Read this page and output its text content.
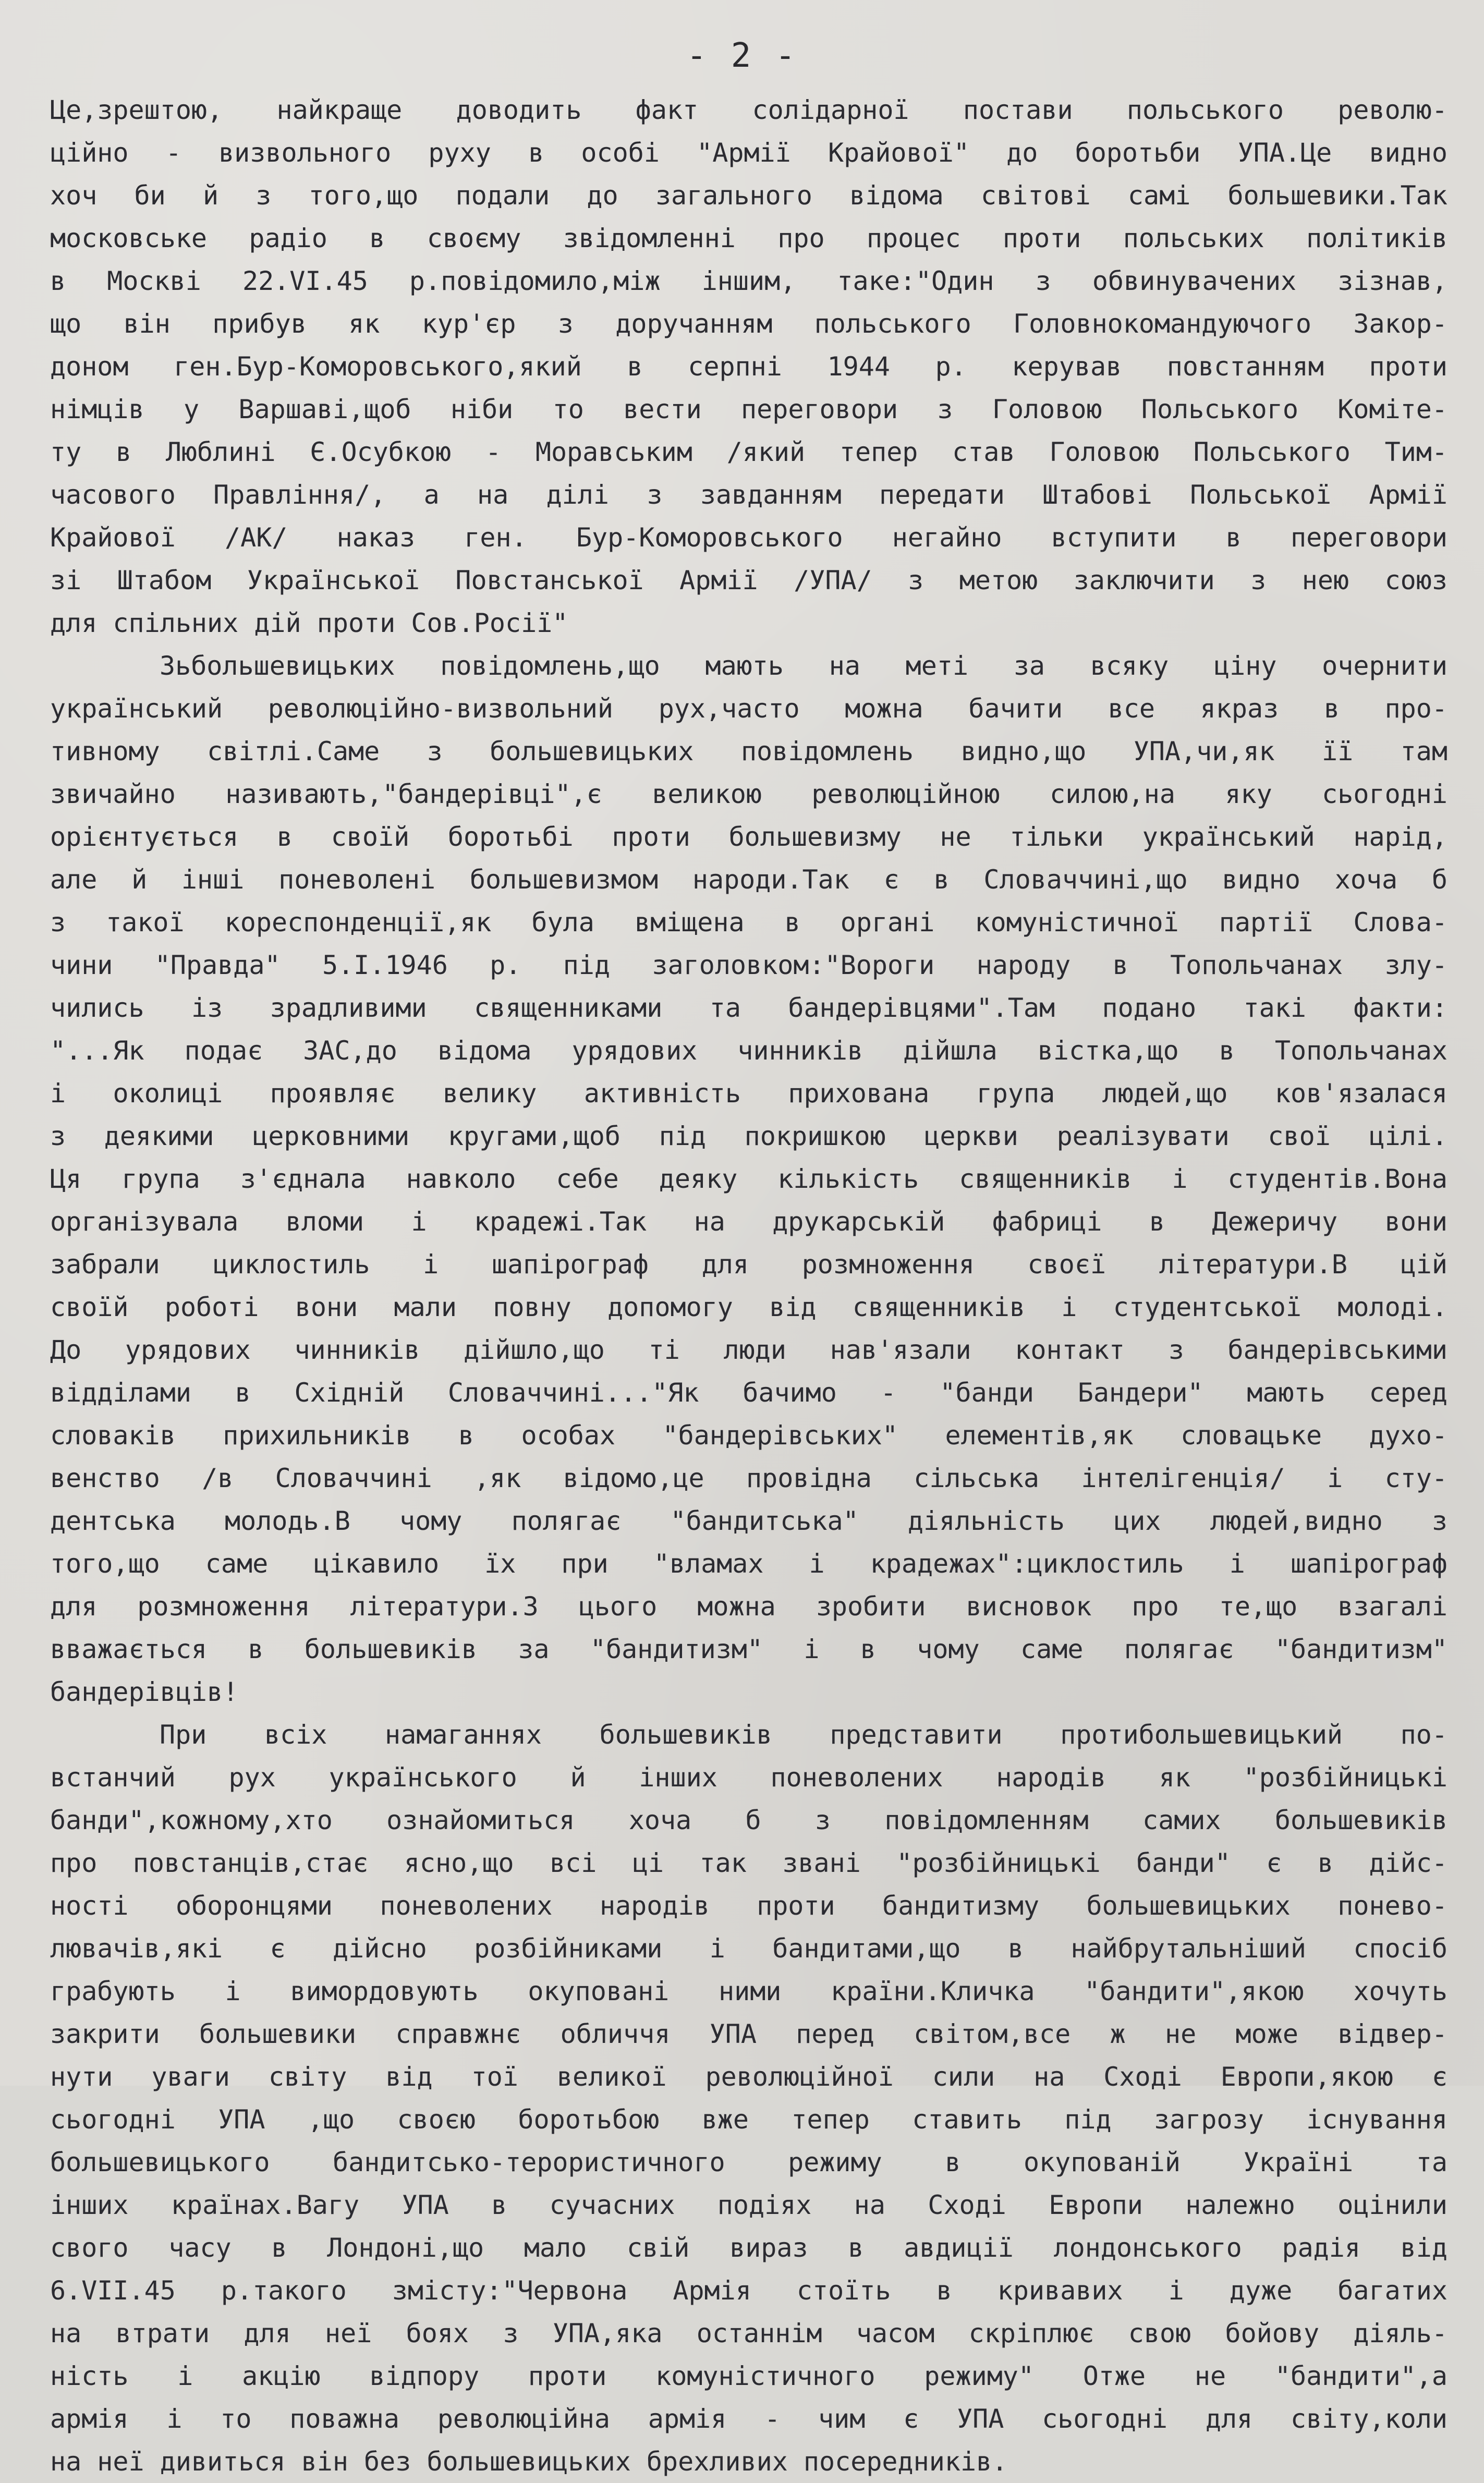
- 2 -
Це,зрештою, найкраще доводить факт солідарної постави польського револю-
ційно - визвольного руху в особі "Армії Крайової" до боротьби УПА.Це видно
хоч би й з того,що подали до загального відома світові самі большевики.Так
московське радіо в своєму звідомленні про процес проти польських політиків
в Москві 22.VI.45 р.повідомило,між іншим, таке:"Один з обвинувачених зізнав,
що він прибув як кур'єр з доручанням польського Головнокомандуючого Закор-
доном ген.Бур-Коморовського,який в серпні 1944 р. керував повстанням проти
німців у Варшаві,щоб ніби то вести переговори з Головою Польського Коміте-
ту в Люблині Є.Осубкою - Моравським /який тепер став Головою Польського Тим-
часового Правління/, а на ділі з завданням передати Штабові Польської Армії
Крайової /АК/ наказ ген. Бур-Коморовського негайно вступити в переговори
зі Штабом Української Повстанської Армії /УПА/ з метою заключити з нею союз
для спільних дій проти Сов.Росії"
Зьбольшевицьких повідомлень,що мають на меті за всяку ціну очернити
український революційно-визвольний рух,часто можна бачити все якраз в про-
тивному світлі.Саме з большевицьких повідомлень видно,що УПА,чи,як її там
звичайно називають,"бандерівці",є великою революційною силою,на яку сьогодні
орієнтується в своїй боротьбі проти большевизму не тільки український нарід,
але й інші поневолені большевизмом народи.Так є в Словаччині,що видно хоча б
з такої кореспонденції,як була вміщена в органі комуністичної партії Слова-
чини "Правда" 5.I.1946 р. під заголовком:"Вороги народу в Топольчанах злу-
чились із зрадливими священниками та бандерівцями".Там подано такі факти:
"...Як подає ЗАС,до відома урядових чинників дійшла вістка,що в Топольчанах
і околиці проявляє велику активність прихована група людей,що ков'язалася
з деякими церковними кругами,щоб під покришкою церкви реалізувати свої цілі.
Ця група з'єднала навколо себе деяку кількість священників і студентів.Вона
організувала вломи і крадежі.Так на друкарській фабриці в Дежеричу вони
забрали циклостиль і шапірограф для розмноження своєї літератури.В цій
своїй роботі вони мали повну допомогу від священників і студентської молоді.
До урядових чинників дійшло,що ті люди нав'язали контакт з бандерівськими
відділами в Східній Словаччині..."Як бачимо - "банди Бандери" мають серед
словаків прихильників в особах "бандерівських" елементів,як словацьке духо-
венство /в Словаччині ,як відомо,це провідна сільська інтелігенція/ і сту-
дентська молодь.В чому полягає "бандитська" діяльність цих людей,видно з
того,що саме цікавило їх при "вламах і крадежах":циклостиль і шапірограф
для розмноження літератури.З цього можна зробити висновок про те,що взагалі
вважається в большевиків за "бандитизм" і в чому саме полягає "бандитизм"
бандерівців!
При всіх намаганнях большевиків представити протибольшевицький по-
встанчий рух українського й інших поневолених народів як "розбійницькі
банди",кожному,хто ознайомиться хоча б з повідомленням самих большевиків
про повстанців,стає ясно,що всі ці так звані "розбійницькі банди" є в дійс-
ності оборонцями поневолених народів проти бандитизму большевицьких понево-
лювачів,які є дійсно розбійниками і бандитами,що в найбрутальніший спосіб
грабують і вимордовують окуповані ними країни.Кличка "бандити",якою хочуть
закрити большевики справжнє обличчя УПА перед світом,все ж не може відвер-
нути уваги світу від тої великої революційної сили на Сході Европи,якою є
сьогодні УПА ,що своєю боротьбою вже тепер ставить під загрозу існування
большевицького бандитсько-терористичного режиму в окупованій Україні та
інших країнах.Вагу УПА в сучасних подіях на Сході Европи належно оцінили
свого часу в Лондоні,що мало свій вираз в авдиції лондонського радія від
6.VII.45 р.такого змісту:"Червона Армія стоїть в кривавих і дуже багатих
на втрати для неї боях з УПА,яка останнім часом скріплює свою бойову діяль-
ність і акцію відпору проти комуністичного режиму" Отже не "бандити",а
армія і то поважна революційна армія - чим є УПА сьогодні для світу,коли
на неї дивиться він без большевицьких брехливих посередників.
